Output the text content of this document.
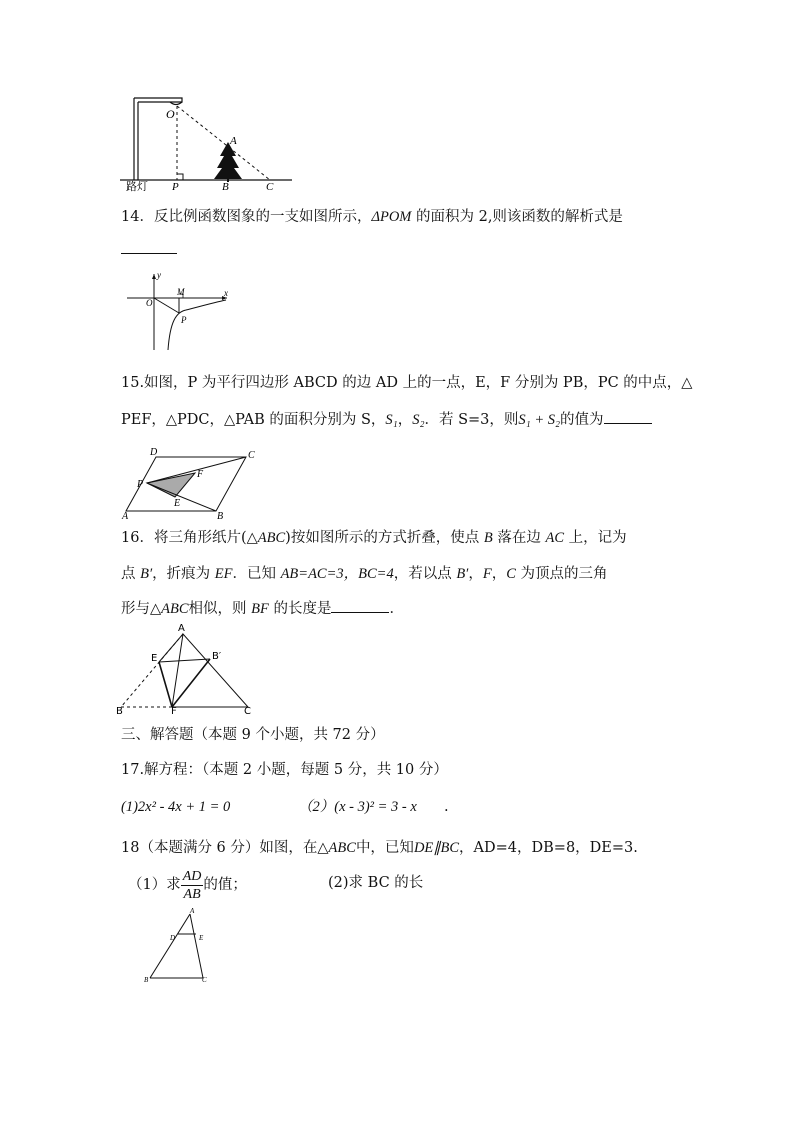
O
A
P	B	C
路灯
14．反比例函数图象的一支如图所示，ΔPOM 的面积为 2,则该函数的解析式是
y
x
O
M
P
15.如图，P 为平行四边形 ABCD 的边 AD 上的一点，E，F 分别为 PB，PC 的中点，△
PEF，△PDC，△PAB 的面积分别为 S，S₁，S₂．若 S=3，则S₁ + S₂的值为
D	C
P
F
E
A	B
16．将三角形纸片(△ABC)按如图所示的方式折叠，使点 B 落在边 AC 上，记为
点 B′，折痕为 EF．已知 AB=AC=3，BC=4，若以点 B′，F，C 为顶点的三角
形与△ABC相似，则 BF 的长度是	．
A
E	B′
B	F	C
三、解答题（本题 9 个小题，共 72 分）
17.解方程：（本题 2 小题，每题 5 分，共 10 分）
(1)2x² - 4x + 1 = 0	（2）(x - 3)² = 3 - x .
18（本题满分 6 分）如图，在△ABC中，已知DE∥BC，AD=4，DB=8，DE=3.
（1）求 $\frac{AD}{AB}$ 的值；	(2)求 BC 的长
A
D	E
B	C
